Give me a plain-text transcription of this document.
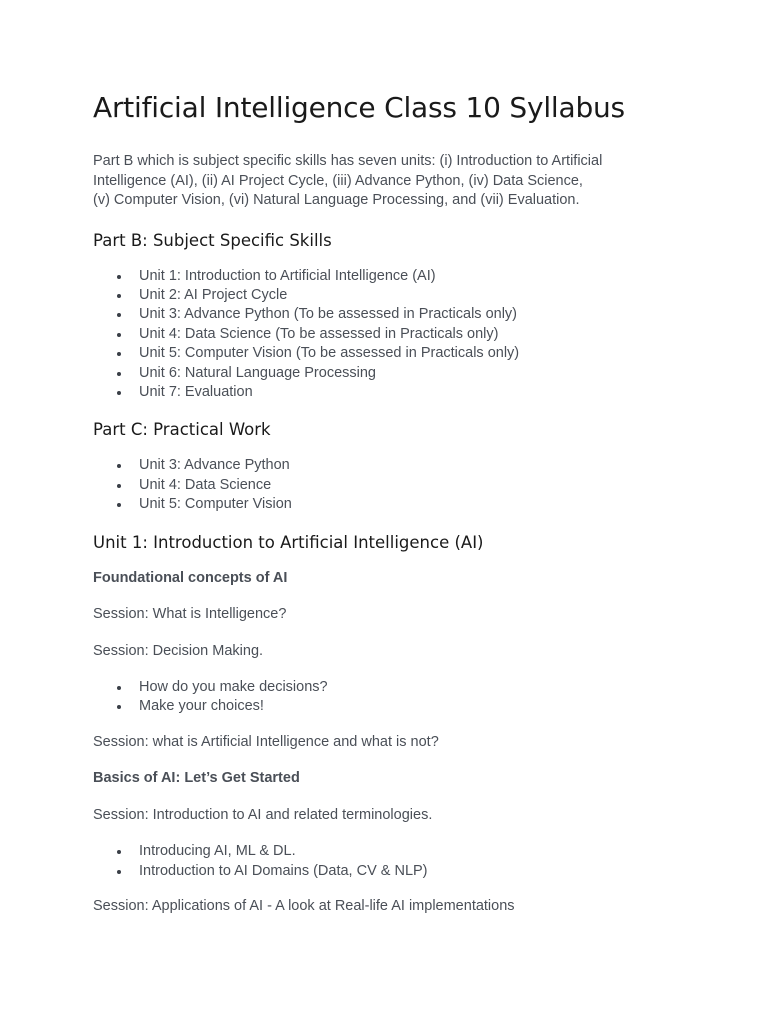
Artificial Intelligence Class 10 Syllabus

Part B which is subject specific skills has seven units: (i) Introduction to Artificial
Intelligence (AI), (ii) AI Project Cycle, (iii) Advance Python, (iv) Data Science,
(v) Computer Vision, (vi) Natural Language Processing, and (vii) Evaluation.

Part B: Subject Specific Skills
Unit 1: Introduction to Artificial Intelligence (AI)
Unit 2: AI Project Cycle
Unit 3: Advance Python (To be assessed in Practicals only)
Unit 4: Data Science (To be assessed in Practicals only)
Unit 5: Computer Vision (To be assessed in Practicals only)
Unit 6: Natural Language Processing
Unit 7: Evaluation
Part C: Practical Work
Unit 3: Advance Python
Unit 4: Data Science
Unit 5: Computer Vision
Unit 1: Introduction to Artificial Intelligence (AI)

Foundational concepts of AI

Session: What is Intelligence?

Session: Decision Making.

How do you make decisions?
Make your choices!

Session: what is Artificial Intelligence and what is not?

Basics of AI: Let’s Get Started

Session: Introduction to AI and related terminologies.

Introducing AI, ML & DL.
Introduction to AI Domains (Data, CV & NLP)

Session: Applications of AI - A look at Real-life AI implementations
